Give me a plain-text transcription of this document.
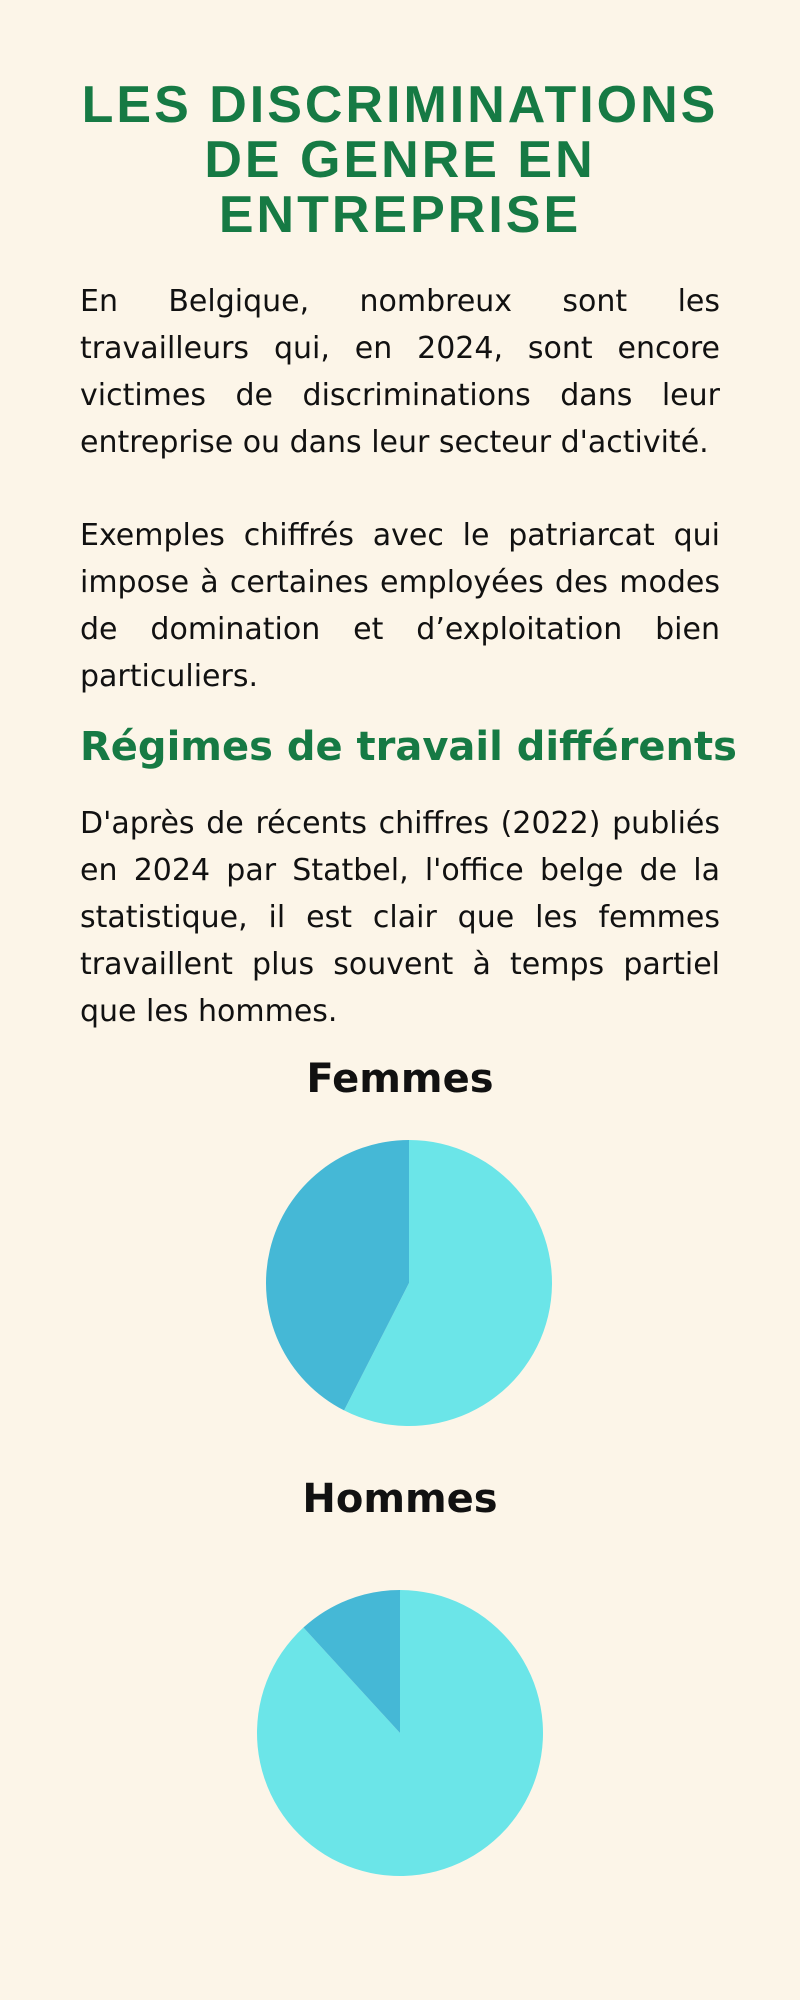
LES DISCRIMINATIONS
DE GENRE EN
ENTREPRISE

En Belgique, nombreux sont les travailleurs qui, en 2024, sont encore victimes de discriminations dans leur entreprise ou dans leur secteur d'activité.

Exemples chiffrés avec le patriarcat qui impose à certaines employées des modes de domination et d’exploitation bien particuliers.

Régimes de travail différents

D'après de récents chiffres (2022) publiés en 2024 par Statbel, l'office belge de la statistique, il est clair que les femmes travaillent plus souvent à temps partiel que les hommes.

Femmes
Hommes
